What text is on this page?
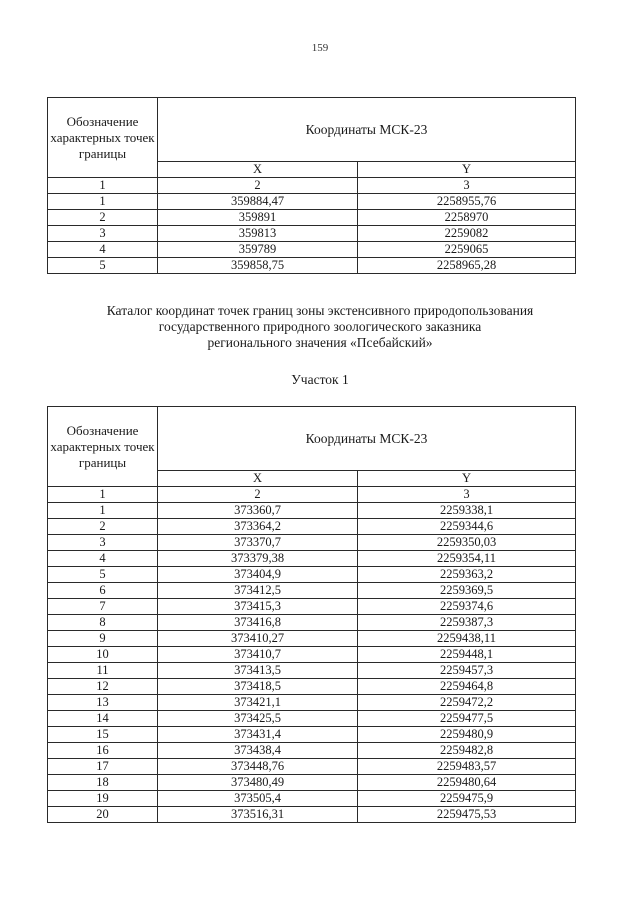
159
Обозначение характерных точек границы	Координаты МСК-23	
	X	Y
1	2	3
1	359884,47	2258955,76
2	359891	2258970
3	359813	2259082
4	359789	2259065
5	359858,75	2258965,28
Каталог координат точек границ зоны экстенсивного природопользования
государственного природного зоологического заказника
регионального значения «Псебайский»
Участок 1
Обозначение характерных точек границы	Координаты МСК-23	
	X	Y
1	2	3
1	373360,7	2259338,1
2	373364,2	2259344,6
3	373370,7	2259350,03
4	373379,38	2259354,11
5	373404,9	2259363,2
6	373412,5	2259369,5
7	373415,3	2259374,6
8	373416,8	2259387,3
9	373410,27	2259438,11
10	373410,7	2259448,1
11	373413,5	2259457,3
12	373418,5	2259464,8
13	373421,1	2259472,2
14	373425,5	2259477,5
15	373431,4	2259480,9
16	373438,4	2259482,8
17	373448,76	2259483,57
18	373480,49	2259480,64
19	373505,4	2259475,9
20	373516,31	2259475,53
